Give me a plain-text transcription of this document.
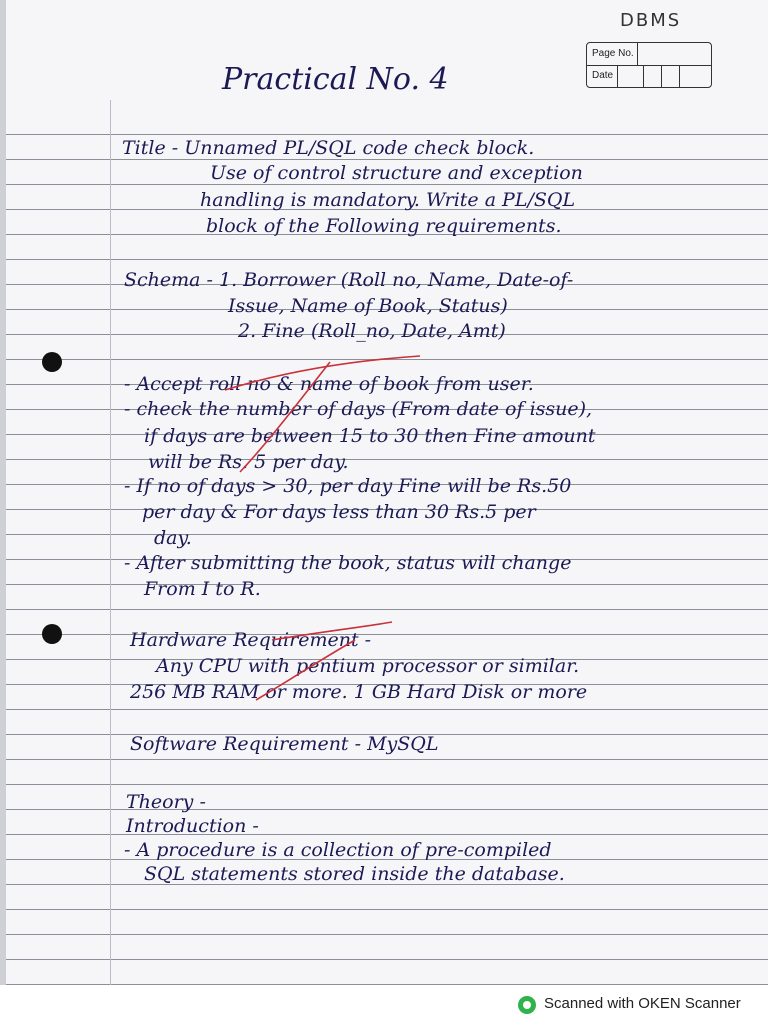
DBMS
Page No.
Date
Practical No. 4
Title - Unnamed PL/SQL code check block.
Use of control structure and exception
handling is mandatory. Write a PL/SQL
block of the Following requirements.
Schema - 1. Borrower (Roll no, Name, Date-of-
Issue, Name of Book, Status)
2. Fine (Roll_no, Date, Amt)
- Accept roll no & name of book from user.
- check the number of days (From date of issue),
if days are between 15 to 30 then Fine amount
will be Rs. 5 per day.
- If no of days > 30, per day Fine will be Rs.50
per day & For days less than 30 Rs.5 per
day.
- After submitting the book, status will change
From I to R.
Hardware Requirement -
Any CPU with pentium processor or similar.
256 MB RAM or more. 1 GB Hard Disk or more
Software Requirement - MySQL
Theory -
Introduction -
- A procedure is a collection of pre-compiled
SQL statements stored inside the database.
Scanned with OKEN Scanner
